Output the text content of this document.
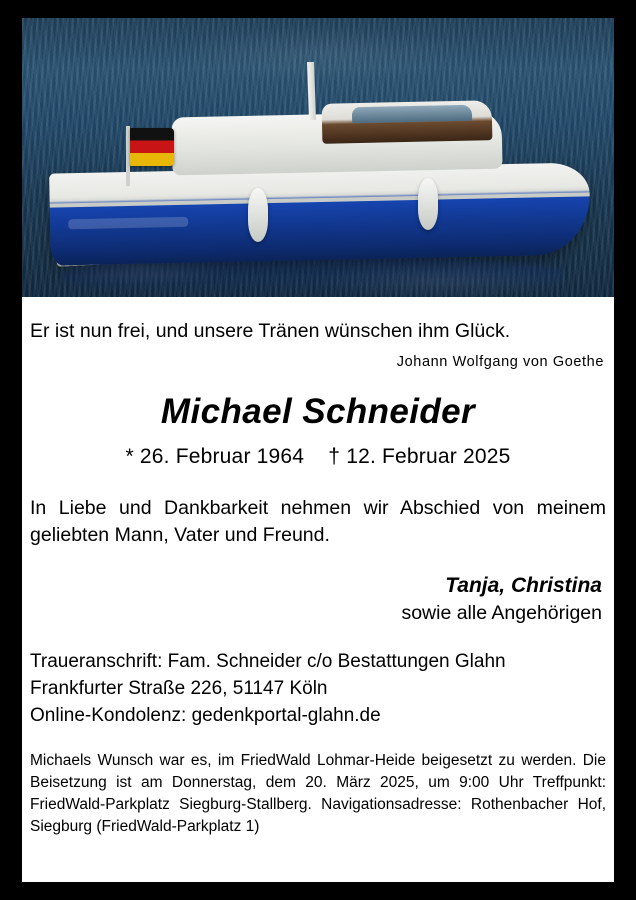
Er ist nun frei, und unsere Tränen wünschen ihm Glück.
Johann Wolfgang von Goethe
Michael Schneider
* 26. Februar 1964 † 12. Februar 2025
In Liebe und Dankbarkeit nehmen wir Abschied von meinem geliebten Mann, Vater und Freund.
Tanja, Christina
sowie alle Angehörigen
Traueranschrift: Fam. Schneider c/o Bestattungen Glahn
Frankfurter Straße 226, 51147 Köln
Online-Kondolenz: gedenkportal-glahn.de
Michaels Wunsch war es, im FriedWald Lohmar-Heide beigesetzt zu werden. Die Beisetzung ist am Donnerstag, dem 20. März 2025, um 9:00 Uhr Treffpunkt: FriedWald-Parkplatz Siegburg-Stallberg. Navigationsadresse: Rothenbacher Hof, Siegburg (FriedWald-Parkplatz 1)
